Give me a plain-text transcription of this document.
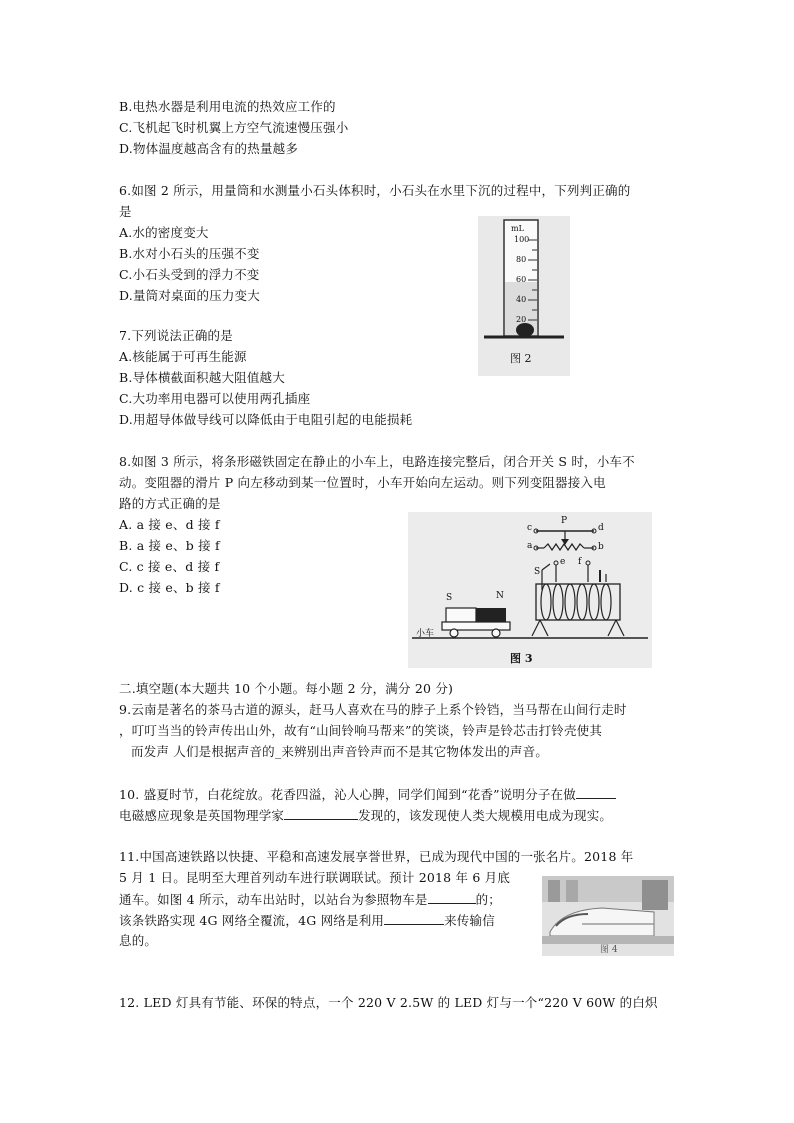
B.电热水器是利用电流的热效应工作的
C.飞机起飞时机翼上方空气流速慢压强小
D.物体温度越高含有的热量越多
6.如图 2 所示，用量筒和水测量小石头体积时，小石头在水里下沉的过程中，下列判正确的
是
A.水的密度变大
B.水对小石头的压强不变
C.小石头受到的浮力不变
D.量筒对桌面的压力变大
mL
100
80
60
40
20
图 2
7.下列说法正确的是
A.核能属于可再生能源
B.导体横截面积越大阻值越大
C.大功率用电器可以使用两孔插座
D.用超导体做导线可以降低由于电阻引起的电能损耗
8.如图 3 所示，将条形磁铁固定在静止的小车上，电路连接完整后，闭合开关 S 时，小车不
动。变阻器的滑片 P 向左移动到某一位置时，小车开始向左运动。则下列变阻器接入电
路的方式正确的是
A. a 接 e、d 接 f
B. a 接 e、b 接 f
C. c 接 e、d 接 f
D. c 接 e、b 接 f
c
P
d
a	b
e f
S
S	N
小车
图 3
二.填空题(本大题共 10 个小题。每小题 2 分，满分 20 分)
9.云南是著名的茶马古道的源头，赶马人喜欢在马的脖子上系个铃铛，当马帮在山间行走时
，叮叮当当的铃声传出山外，故有“山间铃响马帮来”的笑谈，铃声是铃芯击打铃壳使其
而发声 人们是根据声音的_来辨别出声音铃声而不是其它物体发出的声音。
10. 盛夏时节，白花绽放。花香四溢，沁人心脾，同学们闻到“花香”说明分子在做
电磁感应现象是英国物理学家	发现的，该发现使人类大规模用电成为现实。
11.中国高速铁路以快捷、平稳和高速发展享誉世界，已成为现代中国的一张名片。2018 年
5 月 1 日。昆明至大理首列动车进行联调联试。预计 2018 年 6 月底
通车。如图 4 所示，动车出站时，以站台为参照物车是	的；
该条铁路实现 4G 网络全覆流，4G 网络是利用	来传输信
息的。
图 4
12. LED 灯具有节能、环保的特点，一个 220 V 2.5W 的 LED 灯与一个“220 V 60W 的白炽
